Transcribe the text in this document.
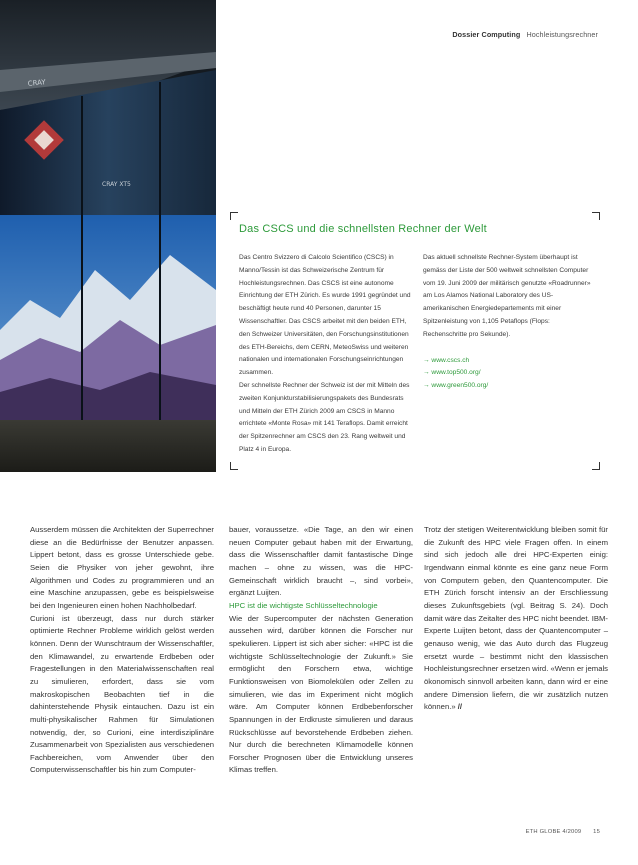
CRAY
CRAY XT5
Dossier Computing Hochleistungsrechner
Das CSCS und die schnellsten Rechner der Welt

Das Centro Svizzero di Calcolo Scientifico (CSCS) in Manno/Tessin ist das Schweizerische Zentrum für Hochleistungsrechnen. Das CSCS ist eine autonome Einrichtung der ETH Zürich. Es wurde 1991 gegründet und beschäftigt heute rund 40 Personen, darunter 15 Wissenschaftler. Das CSCS arbeitet mit den beiden ETH, den Schweizer Universitäten, den Forschungsinstitutionen des ETH-Bereichs, dem CERN, MeteoSwiss und weiteren nationalen und internationalen Forschungseinrichtungen zusammen.

Der schnellste Rechner der Schweiz ist der mit Mitteln des zweiten Konjunkturstabilisierungspakets des Bundesrats und Mitteln der ETH Zürich 2009 am CSCS in Manno errichtete «Monte Rosa» mit 141 Teraflops. Damit erreicht der Spitzenrechner am CSCS den 23. Rang weltweit und Platz 4 in Europa.

Das aktuell schnellste Rechner-System überhaupt ist gemäss der Liste der 500 weltweit schnellsten Computer vom 19. Juni 2009 der militärisch genutzte «Roadrunner» am Los Alamos National Laboratory des US-amerikanischen Energiedepartements mit einer Spitzenleistung von 1,105 Petaflops (Flops: Rechenschritte pro Sekunde).

→ www.cscs.ch
→ www.top500.org/
→ www.green500.org/

Ausserdem müssen die Architekten der Superrechner diese an die Bedürfnisse der Benutzer anpassen. Lippert betont, dass es grosse Unterschiede gebe. Seien die Physiker von jeher gewohnt, ihre Algorithmen und Codes zu programmieren und an eine Maschine anzupassen, gebe es beispielsweise bei den Ingenieuren einen hohen Nachholbedarf.

Curioni ist überzeugt, dass nur durch stärker optimierte Rechner Probleme wirklich gelöst werden können. Denn der Wunschtraum der Wissenschaftler, den Klimawandel, zu erwartende Erdbeben oder Fragestellungen in den Materialwissenschaften real zu simulieren, erfordert, dass sie vom makroskopischen Beobachten tief in die dahinterstehende Physik eintauchen. Dazu ist ein multi-physikalischer Rahmen für Simulationen notwendig, der, so Curioni, eine interdisziplinäre Zusammenarbeit von Spezialisten aus verschiedenen Fachbereichen, vom Anwender über den Computerwissenschaftler bis hin zum Computer-

bauer, voraussetze. «Die Tage, an den wir einen neuen Computer gebaut haben mit der Erwartung, dass die Wissenschaftler damit fantastische Dinge machen – ohne zu wissen, was die HPC-Gemeinschaft wirklich braucht –, sind vorbei», ergänzt Luijten.

HPC ist die wichtigste Schlüsseltechnologie

Wie der Supercomputer der nächsten Generation aussehen wird, darüber können die Forscher nur spekulieren. Lippert ist sich aber sicher: «HPC ist die wichtigste Schlüsseltechnologie der Zukunft.» Sie ermöglicht den Forschern etwa, wichtige Funktionsweisen von Biomolekülen oder Zellen zu simulieren, wie das im Experiment nicht möglich wäre. Am Computer können Erdbebenforscher Spannungen in der Erdkruste simulieren und daraus Rückschlüsse auf bevorstehende Erdbeben ziehen. Nur durch die berechneten Klimamodelle können Forscher Prognosen über die Entwicklung unseres Klimas treffen.

Trotz der stetigen Weiterentwicklung bleiben somit für die Zukunft des HPC viele Fragen offen. In einem sind sich jedoch alle drei HPC-Experten einig: Irgendwann einmal könnte es eine ganz neue Form von Computern geben, den Quantencomputer. Die ETH Zürich forscht intensiv an der Erschliessung dieses Zukunftsgebiets (vgl. Beitrag S. 24). Doch damit wäre das Zeitalter des HPC nicht beendet. IBM-Experte Luijten betont, dass der Quantencomputer – genauso wenig, wie das Auto durch das Flugzeug ersetzt wurde – bestimmt nicht den klassischen Hochleistungsrechner ersetzen wird. «Wenn er jemals ökonomisch sinnvoll arbeiten kann, dann wird er eine andere Dimension liefern, die wir zusätzlich nutzen können.» //

ETH GLOBE 4/2009 15
